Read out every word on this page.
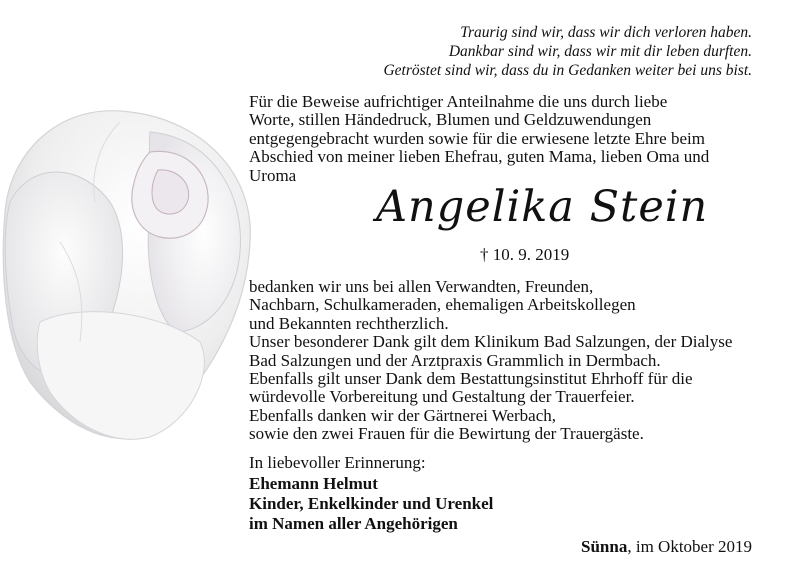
Traurig sind wir, dass wir dich verloren haben.
Dankbar sind wir, dass wir mit dir leben durften.
Getröstet sind wir, dass du in Gedanken weiter bei uns bist.
Für die Beweise aufrichtiger Anteilnahme die uns durch liebe
Worte, stillen Händedruck, Blumen und Geldzuwendungen
entgegengebracht wurden sowie für die erwiesene letzte Ehre beim
Abschied von meiner lieben Ehefrau, guten Mama, lieben Oma und
Uroma
Angelika Stein
† 10. 9. 2019
bedanken wir uns bei allen Verwandten, Freunden,
Nachbarn, Schulkameraden, ehemaligen Arbeitskollegen
und Bekannten rechtherzlich.
Unser besonderer Dank gilt dem Klinikum Bad Salzungen, der Dialyse
Bad Salzungen und der Arztpraxis Grammlich in Dermbach.
Ebenfalls gilt unser Dank dem Bestattungsinstitut Ehrhoff für die
würdevolle Vorbereitung und Gestaltung der Trauerfeier.
Ebenfalls danken wir der Gärtnerei Werbach,
sowie den zwei Frauen für die Bewirtung der Trauergäste.
In liebevoller Erinnerung:
Ehemann Helmut
Kinder, Enkelkinder und Urenkel
im Namen aller Angehörigen
Sünna, im Oktober 2019
